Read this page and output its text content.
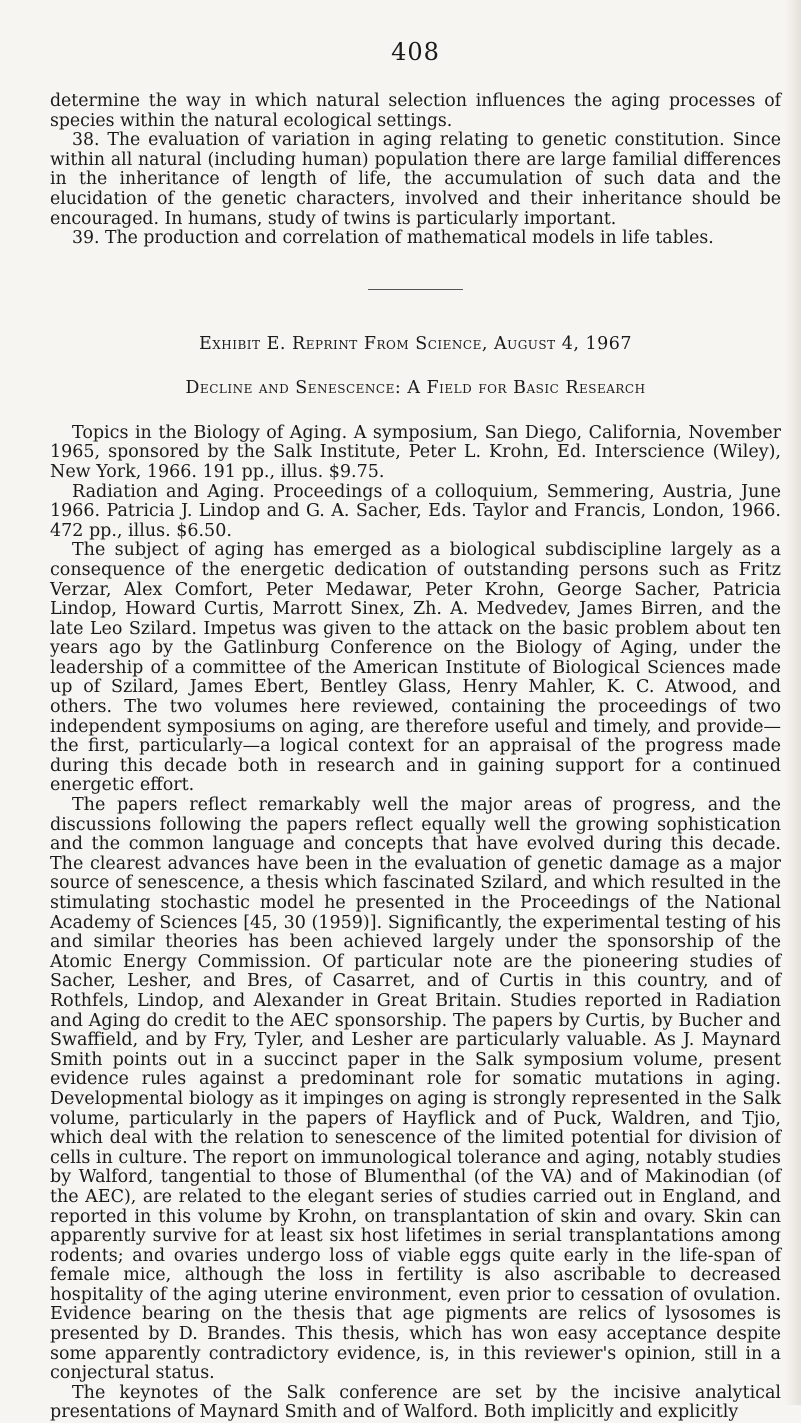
408

determine the way in which natural selection influences the aging processes of species within the natural ecological settings.

38. The evaluation of variation in aging relating to genetic constitution. Since within all natural (including human) population there are large familial differences in the inheritance of length of life, the accumulation of such data and the elucidation of the genetic characters, involved and their inheritance should be encouraged. In humans, study of twins is particularly important.

39. The production and correlation of mathematical models in life tables.

Exhibit E. Reprint From Science, August 4, 1967
Decline and Senescence: A Field for Basic Research

Topics in the Biology of Aging. A symposium, San Diego, California, November 1965, sponsored by the Salk Institute, Peter L. Krohn, Ed. Interscience (Wiley), New York, 1966. 191 pp., illus. $9.75.

Radiation and Aging. Proceedings of a colloquium, Semmering, Austria, June 1966. Patricia J. Lindop and G. A. Sacher, Eds. Taylor and Francis, London, 1966. 472 pp., illus. $6.50.

The subject of aging has emerged as a biological subdiscipline largely as a consequence of the energetic dedication of outstanding persons such as Fritz Verzar, Alex Comfort, Peter Medawar, Peter Krohn, George Sacher, Patricia Lindop, Howard Curtis, Marrott Sinex, Zh. A. Medvedev, James Birren, and the late Leo Szilard. Impetus was given to the attack on the basic problem about ten years ago by the Gatlinburg Conference on the Biology of Aging, under the leadership of a committee of the American Institute of Biological Sciences made up of Szilard, James Ebert, Bentley Glass, Henry Mahler, K. C. Atwood, and others. The two volumes here reviewed, containing the proceedings of two independent symposiums on aging, are therefore useful and timely, and provide—the first, particularly—a logical context for an appraisal of the progress made during this decade both in research and in gaining support for a continued energetic effort.

The papers reflect remarkably well the major areas of progress, and the discussions following the papers reflect equally well the growing sophistication and the common language and concepts that have evolved during this decade. The clearest advances have been in the evaluation of genetic damage as a major source of senescence, a thesis which fascinated Szilard, and which resulted in the stimulating stochastic model he presented in the Proceedings of the National Academy of Sciences [45, 30 (1959)]. Significantly, the experimental testing of his and similar theories has been achieved largely under the sponsorship of the Atomic Energy Commission. Of particular note are the pioneering studies of Sacher, Lesher, and Bres, of Casarret, and of Curtis in this country, and of Rothfels, Lindop, and Alexander in Great Britain. Studies reported in Radiation and Aging do credit to the AEC sponsorship. The papers by Curtis, by Bucher and Swaffield, and by Fry, Tyler, and Lesher are particularly valuable. As J. Maynard Smith points out in a succinct paper in the Salk symposium volume, present evidence rules against a predominant role for somatic mutations in aging. Developmental biology as it impinges on aging is strongly represented in the Salk volume, particularly in the papers of Hayflick and of Puck, Waldren, and Tjio, which deal with the relation to senescence of the limited potential for division of cells in culture. The report on immunological tolerance and aging, notably studies by Walford, tangential to those of Blumenthal (of the VA) and of Makinodian (of the AEC), are related to the elegant series of studies carried out in England, and reported in this volume by Krohn, on transplantation of skin and ovary. Skin can apparently survive for at least six host lifetimes in serial transplantations among rodents; and ovaries undergo loss of viable eggs quite early in the life-span of female mice, although the loss in fertility is also ascribable to decreased hospitality of the aging uterine environment, even prior to cessation of ovulation. Evidence bearing on the thesis that age pigments are relics of lysosomes is presented by D. Brandes. This thesis, which has won easy acceptance despite some apparently contradictory evidence, is, in this reviewer's opinion, still in a conjectural status.

The keynotes of the Salk conference are set by the incisive analytical presentations of Maynard Smith and of Walford. Both implicitly and explicitly
